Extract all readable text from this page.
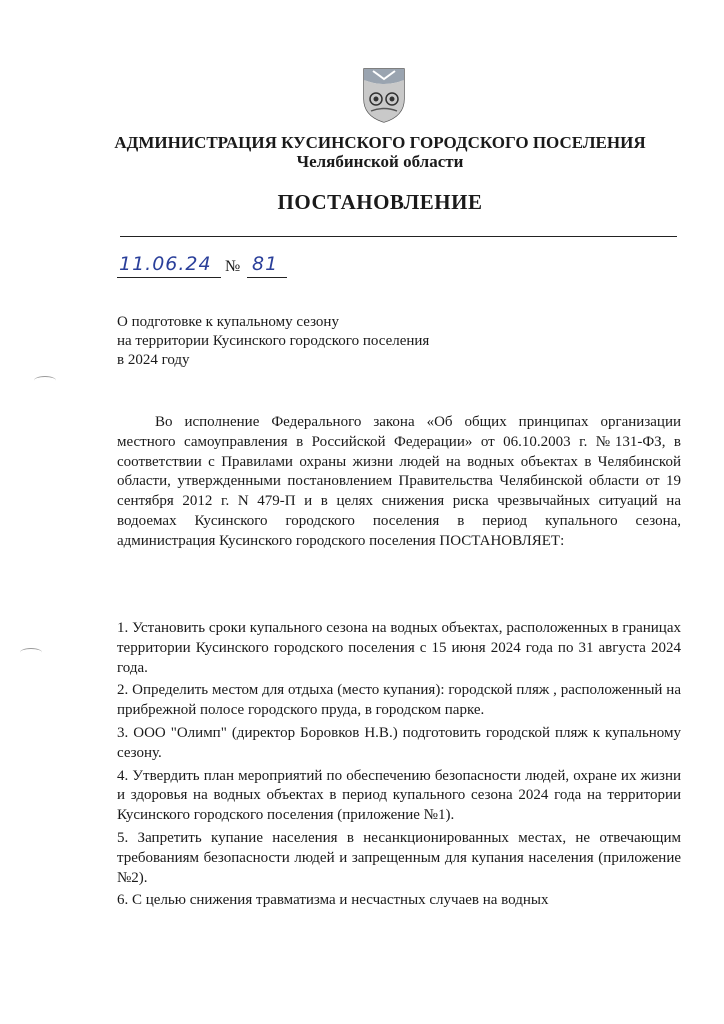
АДМИНИСТРАЦИЯ КУСИНСКОГО ГОРОДСКОГО ПОСЕЛЕНИЯ
Челябинской области
ПОСТАНОВЛЕНИЕ
11.06.24 № 81
О подготовке к купальному сезону
на территории Кусинского городского поселения
в 2024 году
Во исполнение Федерального закона «Об общих принципах организации местного самоуправления в Российской Федерации» от 06.10.2003 г. №131-ФЗ, в соответствии с Правилами охраны жизни людей на водных объектах в Челябинской области, утвержденными постановлением Правительства Челябинской области от 19 сентября 2012 г. N 479-П и в целях снижения риска чрезвычайных ситуаций на водоемах Кусинского городского поселения в период купального сезона, администрация Кусинского городского поселения ПОСТАНОВЛЯЕТ:

1. Установить сроки купального сезона на водных объектах, расположенных в границах территории Кусинского городского поселения с 15 июня 2024 года по 31 августа 2024 года.

2. Определить местом для отдыха (место купания): городской пляж , расположенный на прибрежной полосе городского пруда, в городском парке.

3. ООО "Олимп" (директор Боровков Н.В.) подготовить городской пляж к купальному сезону.

4. Утвердить план мероприятий по обеспечению безопасности людей, охране их жизни и здоровья на водных объектах в период купального сезона 2024 года на территории Кусинского городского поселения (приложение №1).

5. Запретить купание населения в несанкционированных местах, не отвечающим требованиям безопасности людей и запрещенным для купания населения (приложение №2).

6. С целью снижения травматизма и несчастных случаев на водных
